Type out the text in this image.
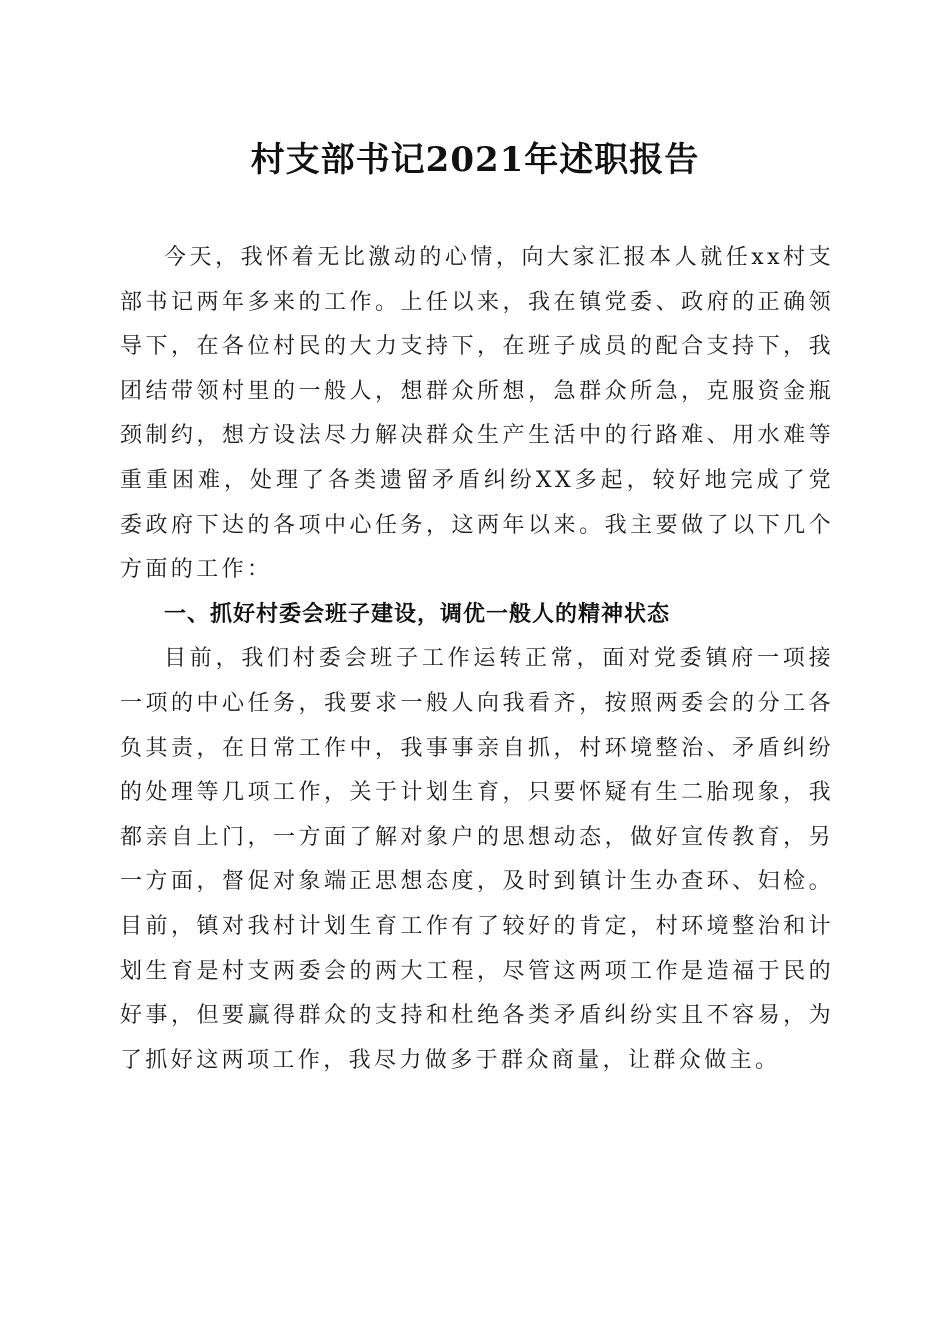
村支部书记2021年述职报告

今天，我怀着无比激动的心情，向大家汇报本人就任xx村支部书记两年多来的工作。上任以来，我在镇党委、政府的正确领导下，在各位村民的大力支持下，在班子成员的配合支持下，我团结带领村里的一般人，想群众所想，急群众所急，克服资金瓶颈制约，想方设法尽力解决群众生产生活中的行路难、用水难等重重困难，处理了各类遗留矛盾纠纷XX多起，较好地完成了党委政府下达的各项中心任务，这两年以来。我主要做了以下几个方面的工作：

一、抓好村委会班子建设，调优一般人的精神状态

目前，我们村委会班子工作运转正常，面对党委镇府一项接一项的中心任务，我要求一般人向我看齐，按照两委会的分工各负其责，在日常工作中，我事事亲自抓，村环境整治、矛盾纠纷的处理等几项工作，关于计划生育，只要怀疑有生二胎现象，我都亲自上门，一方面了解对象户的思想动态，做好宣传教育，另一方面，督促对象端正思想态度，及时到镇计生办查环、妇检。目前，镇对我村计划生育工作有了较好的肯定，村环境整治和计划生育是村支两委会的两大工程，尽管这两项工作是造福于民的好事，但要赢得群众的支持和杜绝各类矛盾纠纷实且不容易，为了抓好这两项工作，我尽力做多于群众商量，让群众做主。
